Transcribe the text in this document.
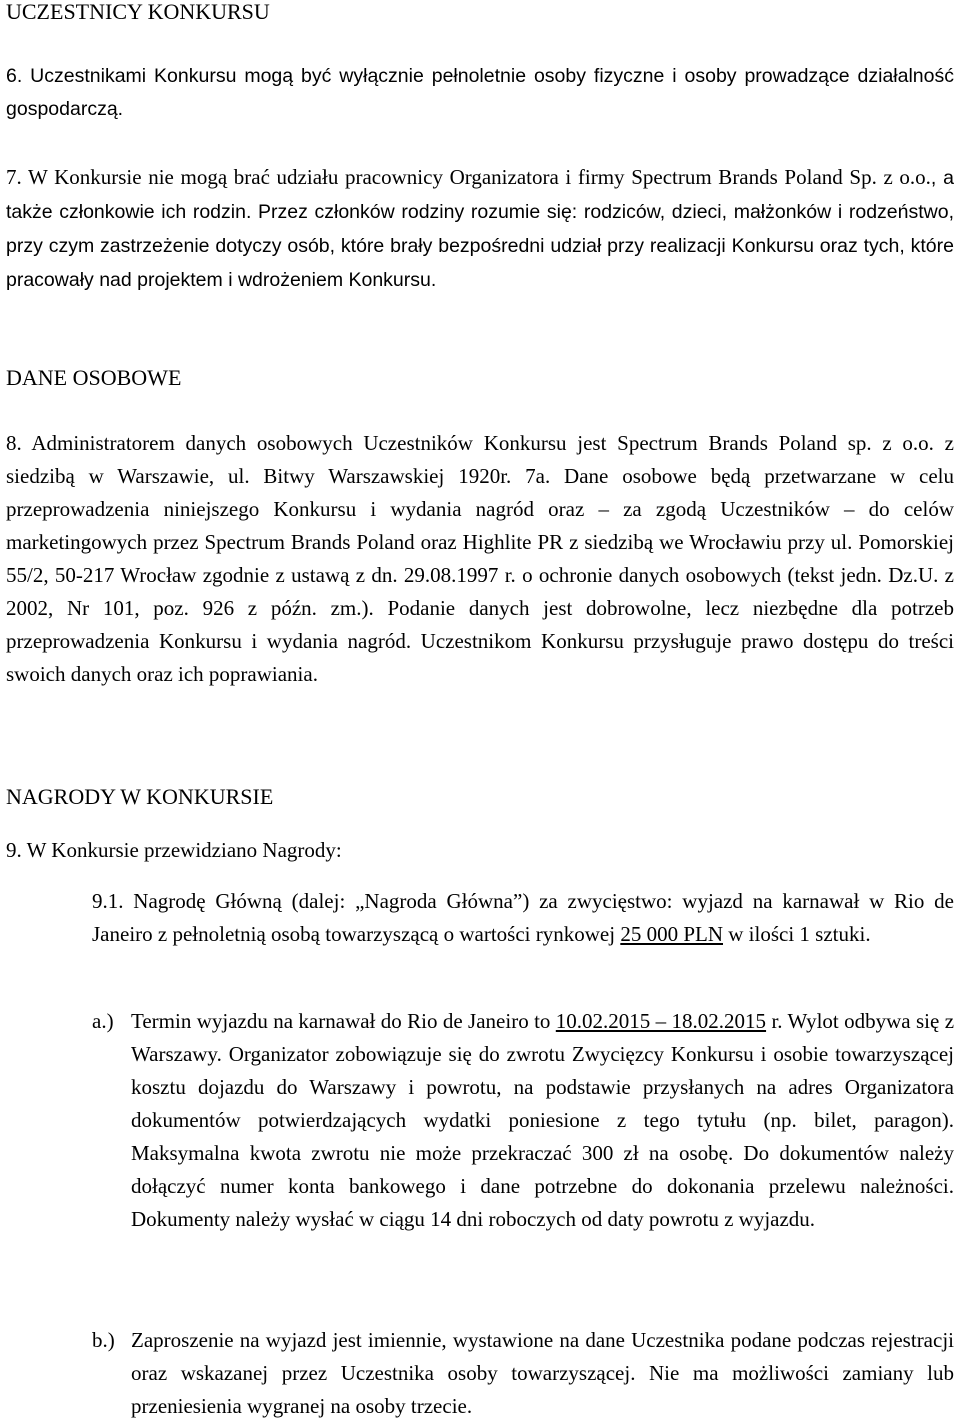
UCZESTNICY KONKURSU

6. Uczestnikami Konkursu mogą być wyłącznie pełnoletnie osoby fizyczne i osoby prowadzące działalność gospodarczą.

7. W Konkursie nie mogą brać udziału pracownicy Organizatora i firmy Spectrum Brands Poland Sp. z o.o., a także członkowie ich rodzin. Przez członków rodziny rozumie się: rodziców, dzieci, małżonków i rodzeństwo, przy czym zastrzeżenie dotyczy osób, które brały bezpośredni udział przy realizacji Konkursu oraz tych, które pracowały nad projektem i wdrożeniem Konkursu.

DANE OSOBOWE

8. Administratorem danych osobowych Uczestników Konkursu jest Spectrum Brands Poland sp. z o.o. z siedzibą w Warszawie, ul. Bitwy Warszawskiej 1920r. 7a. Dane osobowe będą przetwarzane w celu przeprowadzenia niniejszego Konkursu i wydania nagród oraz – za zgodą Uczestników – do celów marketingowych przez Spectrum Brands Poland oraz Highlite PR z siedzibą we Wrocławiu przy ul. Pomorskiej 55/2, 50-217 Wrocław zgodnie z ustawą z dn. 29.08.1997 r. o ochronie danych osobowych (tekst jedn. Dz.U. z 2002, Nr 101, poz. 926 z późn. zm.). Podanie danych jest dobrowolne, lecz niezbędne dla potrzeb przeprowadzenia Konkursu i wydania nagród. Uczestnikom Konkursu przysługuje prawo dostępu do treści swoich danych oraz ich poprawiania.

NAGRODY W KONKURSIE

9. W Konkursie przewidziano Nagrody:

9.1. Nagrodę Główną (dalej: „Nagroda Główna”) za zwycięstwo: wyjazd na karnawał w Rio de Janeiro z pełnoletnią osobą towarzyszącą o wartości rynkowej 25 000 PLN w ilości 1 sztuki.

a.) Termin wyjazdu na karnawał do Rio de Janeiro to 10.02.2015 – 18.02.2015 r. Wylot odbywa się z Warszawy. Organizator zobowiązuje się do zwrotu Zwycięzcy Konkursu i osobie towarzyszącej kosztu dojazdu do Warszawy i powrotu, na podstawie przysłanych na adres Organizatora dokumentów potwierdzających wydatki poniesione z tego tytułu (np. bilet, paragon). Maksymalna kwota zwrotu nie może przekraczać 300 zł na osobę. Do dokumentów należy dołączyć numer konta bankowego i dane potrzebne do dokonania przelewu należności. Dokumenty należy wysłać w ciągu 14 dni roboczych od daty powrotu z wyjazdu.

b.) Zaproszenie na wyjazd jest imiennie, wystawione na dane Uczestnika podane podczas rejestracji oraz wskazanej przez Uczestnika osoby towarzyszącej. Nie ma możliwości zamiany lub przeniesienia wygranej na osoby trzecie.
